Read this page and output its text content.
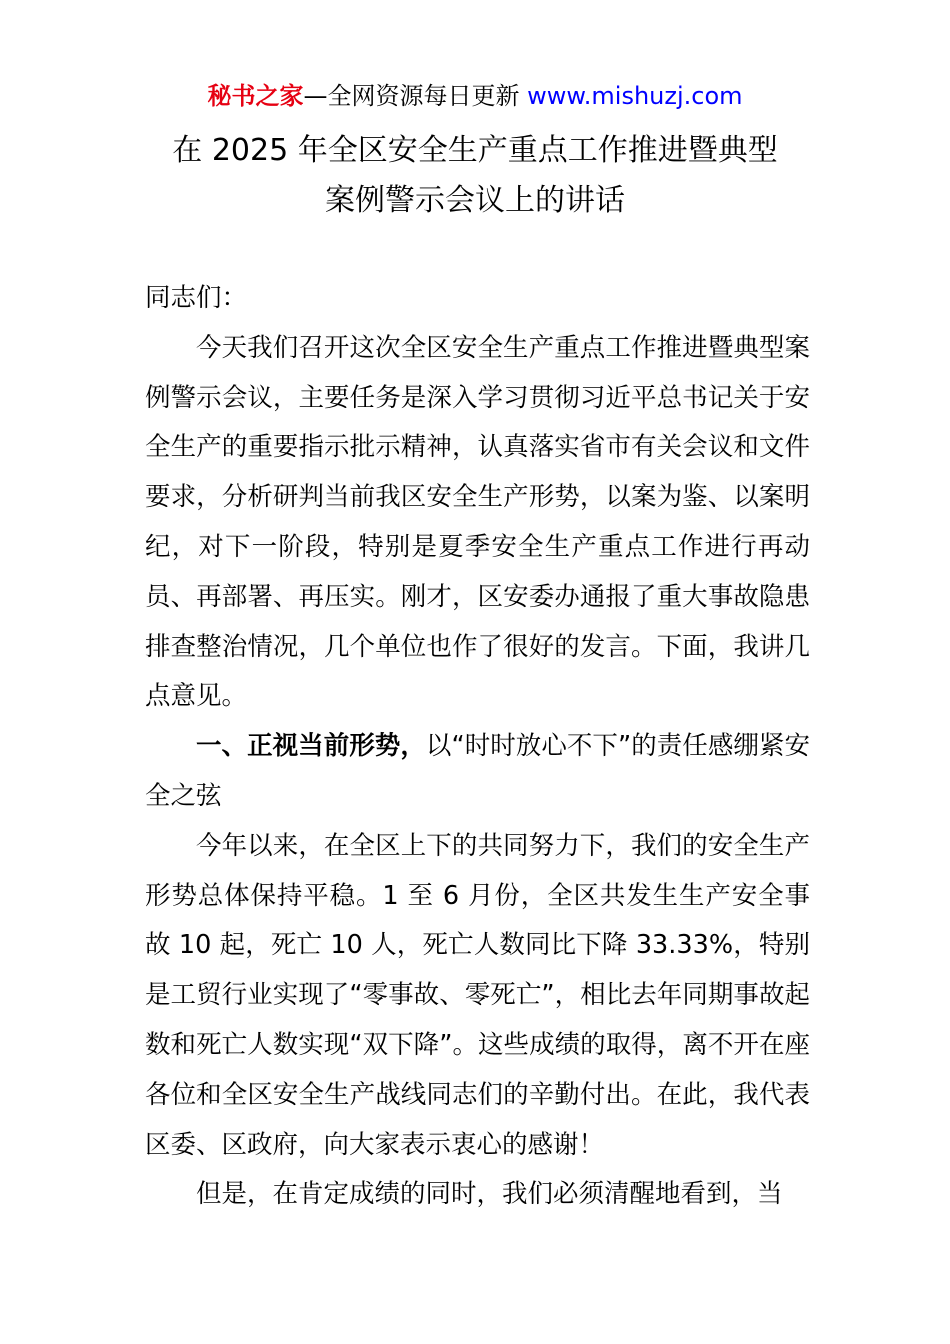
秘书之家—全网资源每日更新 www.mishuzj.com
在 2025 年全区安全生产重点工作推进暨典型
案例警示会议上的讲话

同志们：

今天我们召开这次全区安全生产重点工作推进暨典型案例警示会议，主要任务是深入学习贯彻习近平总书记关于安全生产的重要指示批示精神，认真落实省市有关会议和文件要求，分析研判当前我区安全生产形势，以案为鉴、以案明纪，对下一阶段，特别是夏季安全生产重点工作进行再动员、再部署、再压实。刚才，区安委办通报了重大事故隐患排查整治情况，几个单位也作了很好的发言。下面，我讲几点意见。

一、正视当前形势，以“时时放心不下”的责任感绷紧安全之弦

今年以来，在全区上下的共同努力下，我们的安全生产形势总体保持平稳。1 至 6 月份，全区共发生生产安全事故 10 起，死亡 10 人，死亡人数同比下降 33.33%，特别是工贸行业实现了“零事故、零死亡”，相比去年同期事故起数和死亡人数实现“双下降”。这些成绩的取得，离不开在座各位和全区安全生产战线同志们的辛勤付出。在此，我代表区委、区政府，向大家表示衷心的感谢！

但是，在肯定成绩的同时，我们必须清醒地看到，当
